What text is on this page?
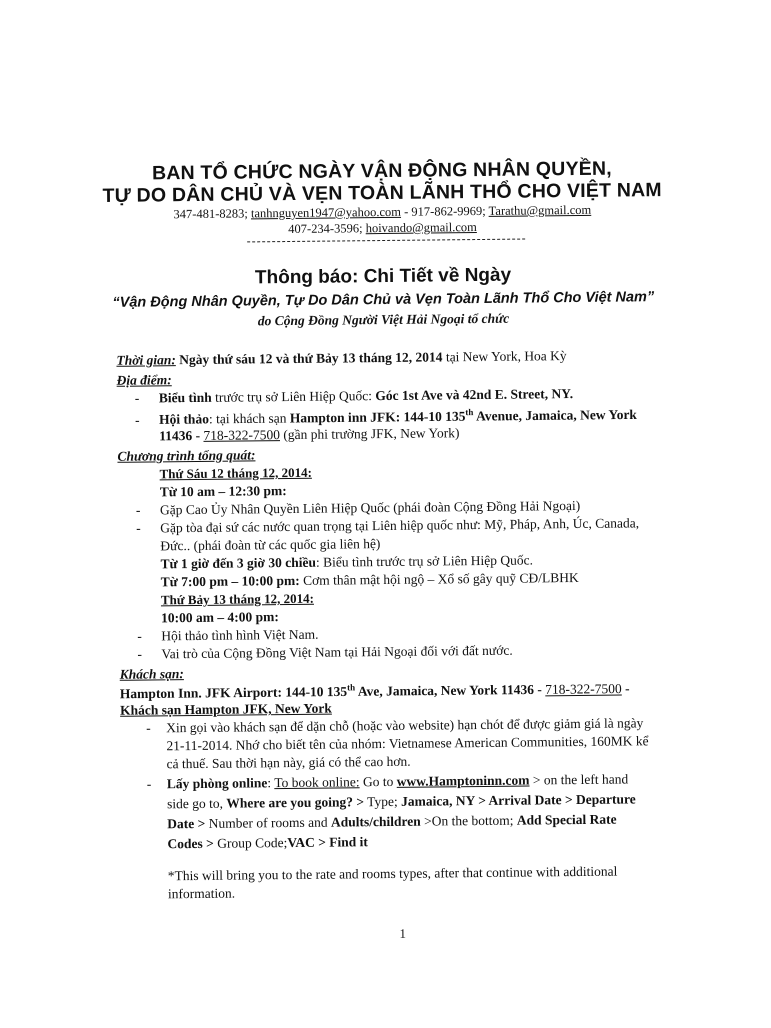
BAN TỔ CHỨC NGÀY VẬN ĐỘNG NHÂN QUYỀN,
TỰ DO DÂN CHỦ VÀ VẸN TOÀN LÃNH THỔ CHO VIỆT NAM
347-481-8283; tanhnguyen1947@yahoo.com - 917-862-9969; Tarathu@gmail.com
407-234-3596; hoivando@gmail.com
Thông báo: Chi Tiết về Ngày
“Vận Động Nhân Quyền, Tự Do Dân Chủ và Vẹn Toàn Lãnh Thổ Cho Việt Nam”
do Cộng Đồng Người Việt Hải Ngoại tổ chức
Thời gian: Ngày thứ sáu 12 và thứ Bảy 13 tháng 12, 2014 tại New York, Hoa Kỳ
Địa điểm:
- Biểu tình trước trụ sở Liên Hiệp Quốc: Góc 1st Ave và 42nd E. Street, NY.
- Hội thảo: tại khách sạn Hampton inn JFK: 144-10 135th Avenue, Jamaica, New York
11436 - 718-322-7500 (gần phi trường JFK, New York)
Chương trình tổng quát:
Thứ Sáu 12 tháng 12, 2014:
Từ 10 am – 12:30 pm:
- Gặp Cao Ủy Nhân Quyền Liên Hiệp Quốc (phái đoàn Cộng Đồng Hải Ngoại)
- Gặp tòa đại sứ các nước quan trọng tại Liên hiệp quốc như: Mỹ, Pháp, Anh, Úc, Canada,
Đức.. (phái đoàn từ các quốc gia liên hệ)
Từ 1 giờ đến 3 giờ 30 chiều: Biểu tình trước trụ sở Liên Hiệp Quốc.
Từ 7:00 pm – 10:00 pm: Cơm thân mật hội ngộ – Xổ số gây quỹ CĐ/LBHK
Thứ Bảy 13 tháng 12, 2014:
10:00 am – 4:00 pm:
- Hội thảo tình hình Việt Nam.
- Vai trò của Cộng Đồng Việt Nam tại Hải Ngoại đối với đất nước.
Khách sạn:
Hampton Inn. JFK Airport: 144-10 135th Ave, Jamaica, New York 11436 - 718-322-7500 -
Khách sạn Hampton JFK, New York
- Xin gọi vào khách sạn để dặn chỗ (hoặc vào website) hạn chót để được giảm giá là ngày
21-11-2014. Nhớ cho biết tên của nhóm: Vietnamese American Communities, 160MK kể
cả thuế. Sau thời hạn này, giá có thể cao hơn.
- Lấy phòng online: To book online: Go to www.Hamptoninn.com > on the left hand
side go to, Where are you going? > Type; Jamaica, NY > Arrival Date > Departure
Date > Number of rooms and Adults/children >On the bottom; Add Special Rate
Codes > Group Code;VAC > Find it
*This will bring you to the rate and rooms types, after that continue with additional
information.
1
